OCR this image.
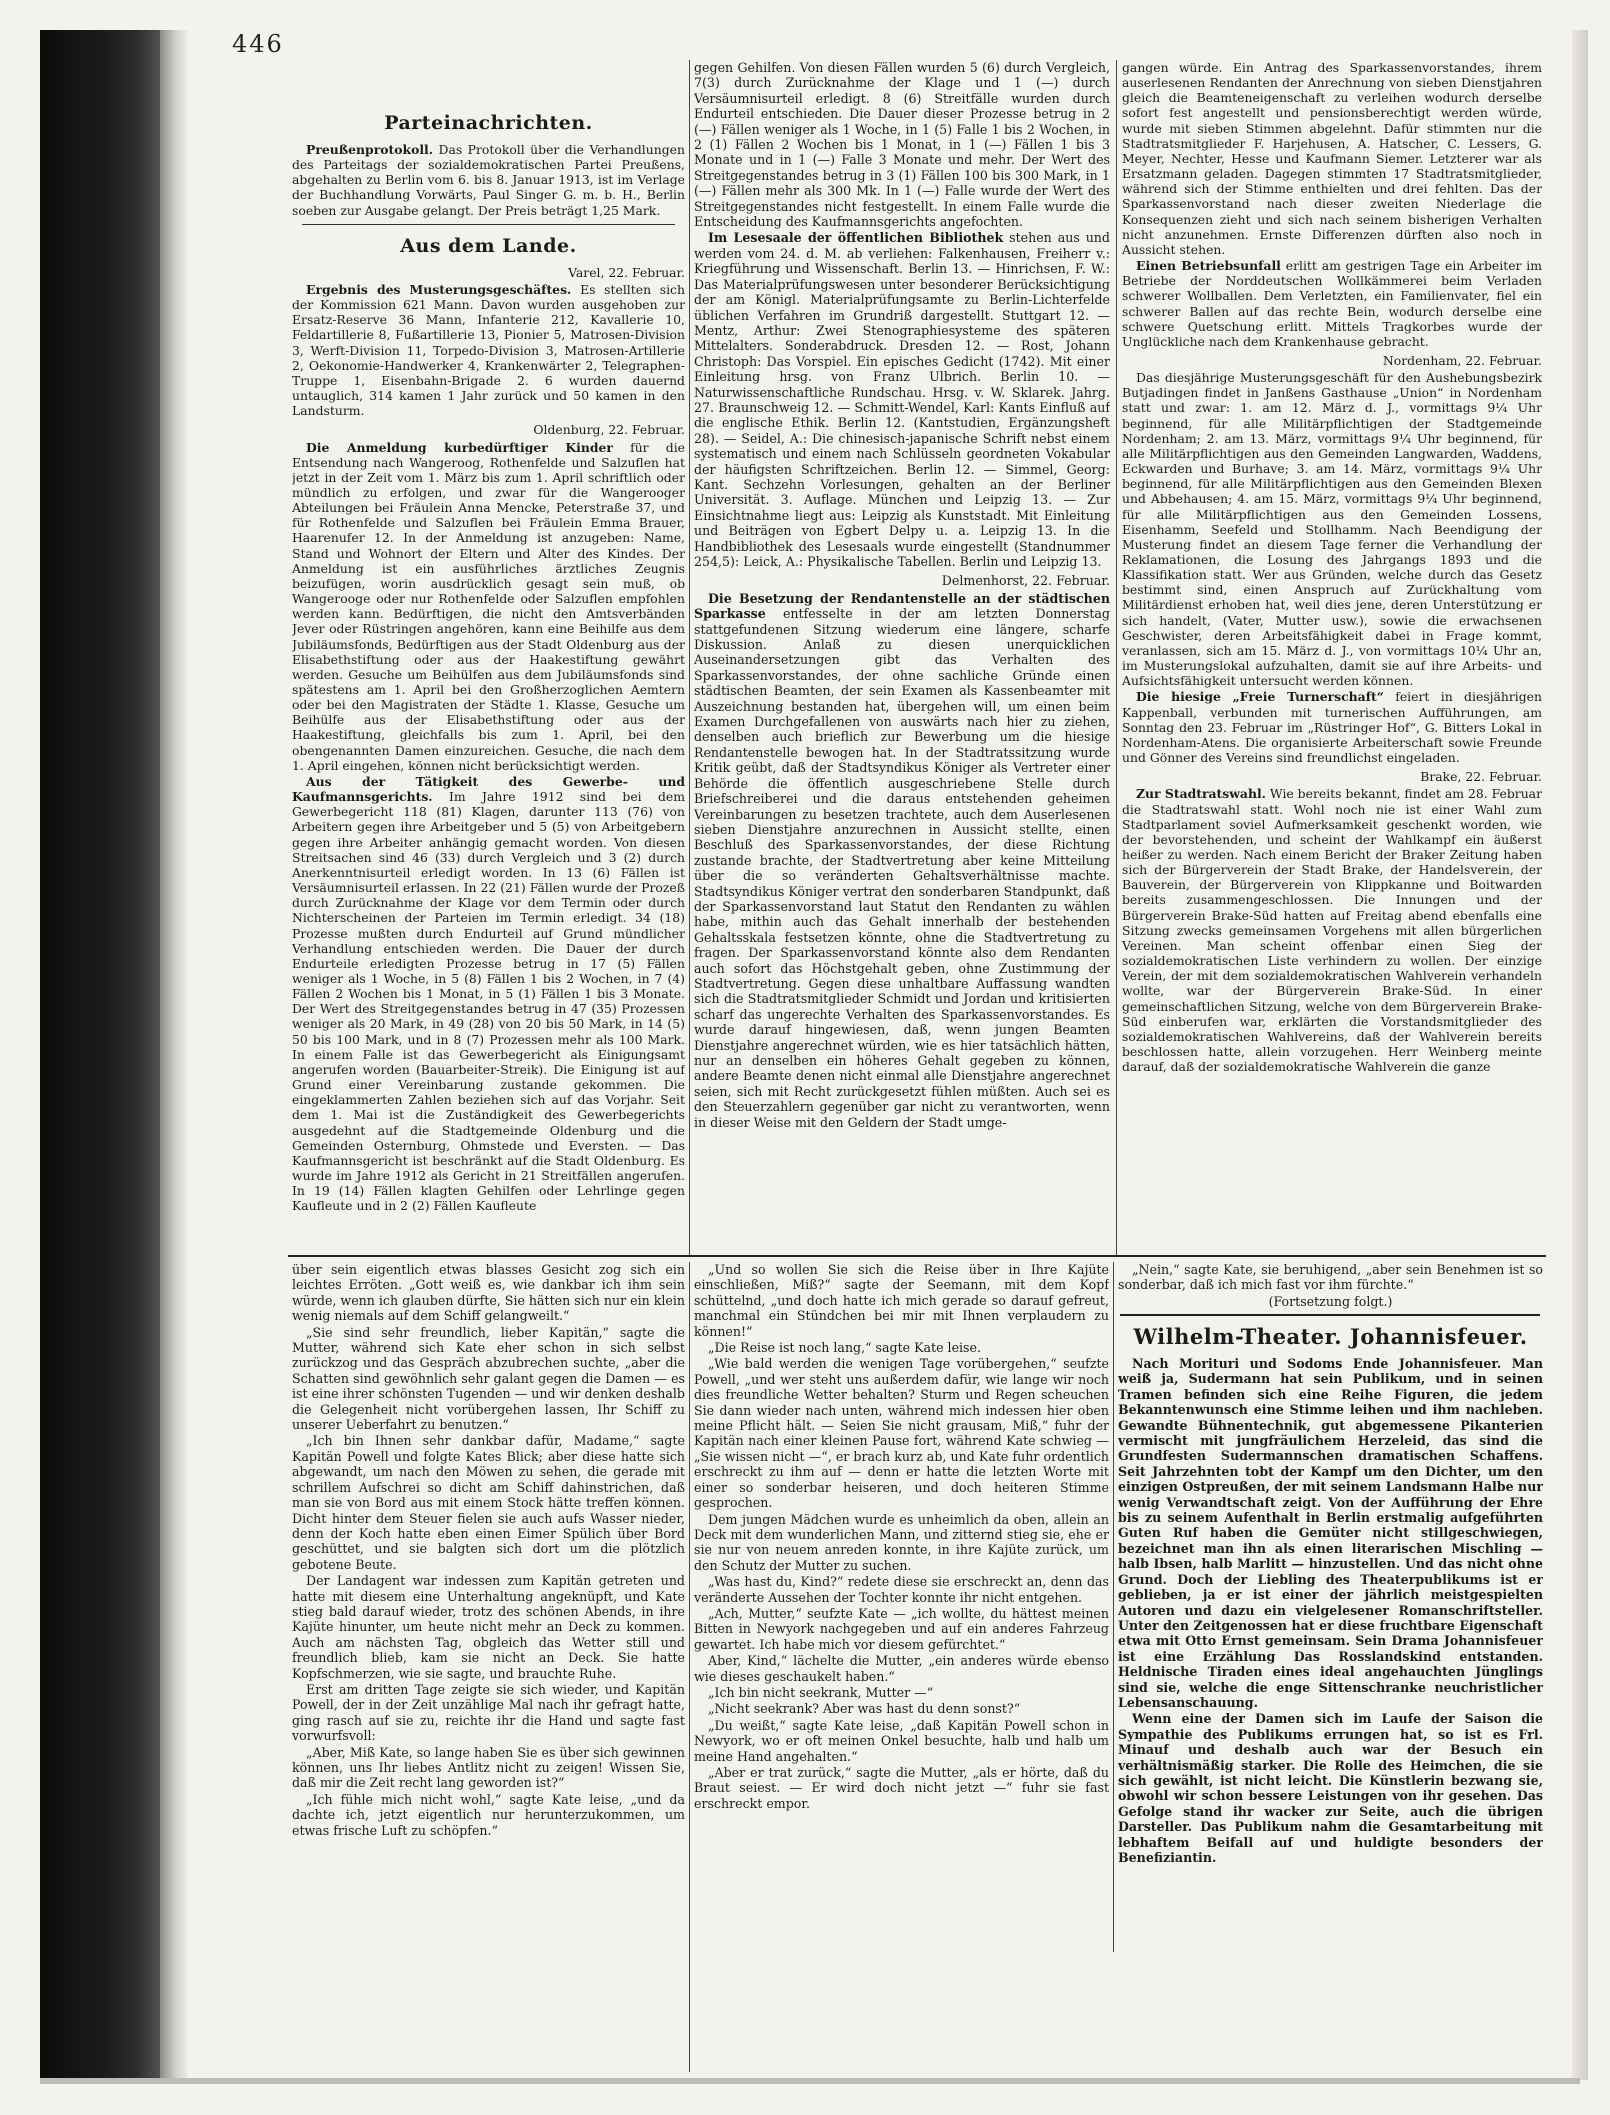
446
Parteinachrichten.

Preußenprotokoll. Das Protokoll über die Verhandlungen des Parteitags der sozialdemokratischen Partei Preußens, abgehalten zu Berlin vom 6. bis 8. Januar 1913, ist im Verlage der Buchhandlung Vorwärts, Paul Singer G. m. b. H., Berlin soeben zur Ausgabe gelangt. Der Preis beträgt 1,25 Mark.

Aus dem Lande.
Varel, 22. Februar.

Ergebnis des Musterungsgeschäftes. Es stellten sich der Kommission 621 Mann. Davon wurden ausgehoben zur Ersatz-Reserve 36 Mann, Infanterie 212, Kavallerie 10, Feldartillerie 8, Fußartillerie 13, Pionier 5, Matrosen-Division 3, Werft-Division 11, Torpedo-Division 3, Matrosen-Artillerie 2, Oekonomie-Handwerker 4, Krankenwärter 2, Telegraphen-Truppe 1, Eisenbahn-Brigade 2. 6 wurden dauernd untauglich, 314 kamen 1 Jahr zurück und 50 kamen in den Landsturm.

Oldenburg, 22. Februar.

Die Anmeldung kurbedürftiger Kinder für die Entsendung nach Wangeroog, Rothenfelde und Salzuflen hat jetzt in der Zeit vom 1. März bis zum 1. April schriftlich oder mündlich zu erfolgen, und zwar für die Wangerooger Abteilungen bei Fräulein Anna Mencke, Peterstraße 37, und für Rothenfelde und Salzuflen bei Fräulein Emma Brauer, Haarenufer 12. In der Anmeldung ist anzugeben: Name, Stand und Wohnort der Eltern und Alter des Kindes. Der Anmeldung ist ein ausführliches ärztliches Zeugnis beizufügen, worin ausdrücklich gesagt sein muß, ob Wangerooge oder nur Rothenfelde oder Salzuflen empfohlen werden kann. Bedürftigen, die nicht den Amtsverbänden Jever oder Rüstringen angehören, kann eine Beihilfe aus dem Jubiläumsfonds, Bedürftigen aus der Stadt Oldenburg aus der Elisabethstiftung oder aus der Haakestiftung gewährt werden. Gesuche um Beihülfen aus dem Jubiläumsfonds sind spätestens am 1. April bei den Großherzoglichen Aemtern oder bei den Magistraten der Städte 1. Klasse, Gesuche um Beihülfe aus der Elisabethstiftung oder aus der Haakestiftung, gleichfalls bis zum 1. April, bei den obengenannten Damen einzureichen. Gesuche, die nach dem 1. April eingehen, können nicht berücksichtigt werden.

Aus der Tätigkeit des Gewerbe- und Kaufmannsgerichts. Im Jahre 1912 sind bei dem Gewerbegericht 118 (81) Klagen, darunter 113 (76) von Arbeitern gegen ihre Arbeitgeber und 5 (5) von Arbeitgebern gegen ihre Arbeiter anhängig gemacht worden. Von diesen Streitsachen sind 46 (33) durch Vergleich und 3 (2) durch Anerkenntnisurteil erledigt worden. In 13 (6) Fällen ist Versäumnisurteil erlassen. In 22 (21) Fällen wurde der Prozeß durch Zurücknahme der Klage vor dem Termin oder durch Nichterscheinen der Parteien im Termin erledigt. 34 (18) Prozesse mußten durch Endurteil auf Grund mündlicher Verhandlung entschieden werden. Die Dauer der durch Endurteile erledigten Prozesse betrug in 17 (5) Fällen weniger als 1 Woche, in 5 (8) Fällen 1 bis 2 Wochen, in 7 (4) Fällen 2 Wochen bis 1 Monat, in 5 (1) Fällen 1 bis 3 Monate. Der Wert des Streitgegenstandes betrug in 47 (35) Prozessen weniger als 20 Mark, in 49 (28) von 20 bis 50 Mark, in 14 (5) 50 bis 100 Mark, und in 8 (7) Prozessen mehr als 100 Mark. In einem Falle ist das Gewerbegericht als Einigungsamt angerufen worden (Bauarbeiter-Streik). Die Einigung ist auf Grund einer Vereinbarung zustande gekommen. Die eingeklammerten Zahlen beziehen sich auf das Vorjahr. Seit dem 1. Mai ist die Zuständigkeit des Gewerbegerichts ausgedehnt auf die Stadtgemeinde Oldenburg und die Gemeinden Osternburg, Ohmstede und Eversten. — Das Kaufmannsgericht ist beschränkt auf die Stadt Oldenburg. Es wurde im Jahre 1912 als Gericht in 21 Streitfällen angerufen. In 19 (14) Fällen klagten Gehilfen oder Lehrlinge gegen Kaufleute und in 2 (2) Fällen Kaufleute

gegen Gehilfen. Von diesen Fällen wurden 5 (6) durch Vergleich, 7(3) durch Zurücknahme der Klage und 1 (—) durch Versäumnisurteil erledigt. 8 (6) Streitfälle wurden durch Endurteil entschieden. Die Dauer dieser Prozesse betrug in 2 (—) Fällen weniger als 1 Woche, in 1 (5) Falle 1 bis 2 Wochen, in 2 (1) Fällen 2 Wochen bis 1 Monat, in 1 (—) Fällen 1 bis 3 Monate und in 1 (—) Falle 3 Monate und mehr. Der Wert des Streitgegenstandes betrug in 3 (1) Fällen 100 bis 300 Mark, in 1 (—) Fällen mehr als 300 Mk. In 1 (—) Falle wurde der Wert des Streitgegenstandes nicht festgestellt. In einem Falle wurde die Entscheidung des Kaufmannsgerichts angefochten.

Im Lesesaale der öffentlichen Bibliothek stehen aus und werden vom 24. d. M. ab verliehen: Falkenhausen, Freiherr v.: Kriegführung und Wissenschaft. Berlin 13. — Hinrichsen, F. W.: Das Materialprüfungswesen unter besonderer Berücksichtigung der am Königl. Materialprüfungsamte zu Berlin-Lichterfelde üblichen Verfahren im Grundriß dargestellt. Stuttgart 12. — Mentz, Arthur: Zwei Stenographiesysteme des späteren Mittelalters. Sonderabdruck. Dresden 12. — Rost, Johann Christoph: Das Vorspiel. Ein episches Gedicht (1742). Mit einer Einleitung hrsg. von Franz Ulbrich. Berlin 10. — Naturwissenschaftliche Rundschau. Hrsg. v. W. Sklarek. Jahrg. 27. Braunschweig 12. — Schmitt-Wendel, Karl: Kants Einfluß auf die englische Ethik. Berlin 12. (Kantstudien, Ergänzungsheft 28). — Seidel, A.: Die chinesisch-japanische Schrift nebst einem systematisch und einem nach Schlüsseln geordneten Vokabular der häufigsten Schriftzeichen. Berlin 12. — Simmel, Georg: Kant. Sechzehn Vorlesungen, gehalten an der Berliner Universität. 3. Auflage. München und Leipzig 13. — Zur Einsichtnahme liegt aus: Leipzig als Kunststadt. Mit Einleitung und Beiträgen von Egbert Delpy u. a. Leipzig 13. In die Handbibliothek des Lesesaals wurde eingestellt (Standnummer 254,5): Leick, A.: Physikalische Tabellen. Berlin und Leipzig 13.

Delmenhorst, 22. Februar.

Die Besetzung der Rendantenstelle an der städtischen Sparkasse entfesselte in der am letzten Donnerstag stattgefundenen Sitzung wiederum eine längere, scharfe Diskussion. Anlaß zu diesen unerquicklichen Auseinandersetzungen gibt das Verhalten des Sparkassenvorstandes, der ohne sachliche Gründe einen städtischen Beamten, der sein Examen als Kassenbeamter mit Auszeichnung bestanden hat, übergehen will, um einen beim Examen Durchgefallenen von auswärts nach hier zu ziehen, denselben auch brieflich zur Bewerbung um die hiesige Rendantenstelle bewogen hat. In der Stadtratssitzung wurde Kritik geübt, daß der Stadtsyndikus Königer als Vertreter einer Behörde die öffentlich ausgeschriebene Stelle durch Briefschreiberei und die daraus entstehenden geheimen Vereinbarungen zu besetzen trachtete, auch dem Auserlesenen sieben Dienstjahre anzurechnen in Aussicht stellte, einen Beschluß des Sparkassenvorstandes, der diese Richtung zustande brachte, der Stadtvertretung aber keine Mitteilung über die so veränderten Gehaltsverhältnisse machte. Stadtsyndikus Königer vertrat den sonderbaren Standpunkt, daß der Sparkassenvorstand laut Statut den Rendanten zu wählen habe, mithin auch das Gehalt innerhalb der bestehenden Gehaltsskala festsetzen könnte, ohne die Stadtvertretung zu fragen. Der Sparkassenvorstand könnte also dem Rendanten auch sofort das Höchstgehalt geben, ohne Zustimmung der Stadtvertretung. Gegen diese unhaltbare Auffassung wandten sich die Stadtratsmitglieder Schmidt und Jordan und kritisierten scharf das ungerechte Verhalten des Sparkassenvorstandes. Es wurde darauf hingewiesen, daß, wenn jungen Beamten Dienstjahre angerechnet würden, wie es hier tatsächlich hätten, nur an denselben ein höheres Gehalt gegeben zu können, andere Beamte denen nicht einmal alle Dienstjahre angerechnet seien, sich mit Recht zurückgesetzt fühlen müßten. Auch sei es den Steuerzahlern gegenüber gar nicht zu verantworten, wenn in dieser Weise mit den Geldern der Stadt umge-

gangen würde. Ein Antrag des Sparkassenvorstandes, ihrem auserlesenen Rendanten der Anrechnung von sieben Dienstjahren gleich die Beamteneigenschaft zu verleihen wodurch derselbe sofort fest angestellt und pensionsberechtigt werden würde, wurde mit sieben Stimmen abgelehnt. Dafür stimmten nur die Stadtratsmitglieder F. Harjehusen, A. Hatscher, C. Lessers, G. Meyer, Nechter, Hesse und Kaufmann Siemer. Letzterer war als Ersatzmann geladen. Dagegen stimmten 17 Stadtratsmitglieder, während sich der Stimme enthielten und drei fehlten. Das der Sparkassenvorstand nach dieser zweiten Niederlage die Konsequenzen zieht und sich nach seinem bisherigen Verhalten nicht anzunehmen. Ernste Differenzen dürften also noch in Aussicht stehen.

Einen Betriebsunfall erlitt am gestrigen Tage ein Arbeiter im Betriebe der Norddeutschen Wollkämmerei beim Verladen schwerer Wollballen. Dem Verletzten, ein Familienvater, fiel ein schwerer Ballen auf das rechte Bein, wodurch derselbe eine schwere Quetschung erlitt. Mittels Tragkorbes wurde der Unglückliche nach dem Krankenhause gebracht.

Nordenham, 22. Februar.

Das diesjährige Musterungsgeschäft für den Aushebungsbezirk Butjadingen findet in Janßens Gasthause „Union“ in Nordenham statt und zwar: 1. am 12. März d. J., vormittags 9¼ Uhr beginnend, für alle Militärpflichtigen der Stadtgemeinde Nordenham; 2. am 13. März, vormittags 9¼ Uhr beginnend, für alle Militärpflichtigen aus den Gemeinden Langwarden, Waddens, Eckwarden und Burhave; 3. am 14. März, vormittags 9¼ Uhr beginnend, für alle Militärpflichtigen aus den Gemeinden Blexen und Abbehausen; 4. am 15. März, vormittags 9¼ Uhr beginnend, für alle Militärpflichtigen aus den Gemeinden Lossens, Eisenhamm, Seefeld und Stollhamm. Nach Beendigung der Musterung findet an diesem Tage ferner die Verhandlung der Reklamationen, die Losung des Jahrgangs 1893 und die Klassifikation statt. Wer aus Gründen, welche durch das Gesetz bestimmt sind, einen Anspruch auf Zurückhaltung vom Militärdienst erhoben hat, weil dies jene, deren Unterstützung er sich handelt, (Vater, Mutter usw.), sowie die erwachsenen Geschwister, deren Arbeitsfähigkeit dabei in Frage kommt, veranlassen, sich am 15. März d. J., von vormittags 10¼ Uhr an, im Musterungslokal aufzuhalten, damit sie auf ihre Arbeits- und Aufsichtsfähigkeit untersucht werden können.

Die hiesige „Freie Turnerschaft“ feiert in diesjährigen Kappenball, verbunden mit turnerischen Aufführungen, am Sonntag den 23. Februar im „Rüstringer Hof“, G. Bitters Lokal in Nordenham-Atens. Die organisierte Arbeiterschaft sowie Freunde und Gönner des Vereins sind freundlichst eingeladen.

Brake, 22. Februar.

Zur Stadtratswahl. Wie bereits bekannt, findet am 28. Februar die Stadtratswahl statt. Wohl noch nie ist einer Wahl zum Stadtparlament soviel Aufmerksamkeit geschenkt worden, wie der bevorstehenden, und scheint der Wahlkampf ein äußerst heißer zu werden. Nach einem Bericht der Braker Zeitung haben sich der Bürgerverein der Stadt Brake, der Handelsverein, der Bauverein, der Bürgerverein von Klippkanne und Boitwarden bereits zusammengeschlossen. Die Innungen und der Bürgerverein Brake-Süd hatten auf Freitag abend ebenfalls eine Sitzung zwecks gemeinsamen Vorgehens mit allen bürgerlichen Vereinen. Man scheint offenbar einen Sieg der sozialdemokratischen Liste verhindern zu wollen. Der einzige Verein, der mit dem sozialdemokratischen Wahlverein verhandeln wollte, war der Bürgerverein Brake-Süd. In einer gemeinschaftlichen Sitzung, welche von dem Bürgerverein Brake-Süd einberufen war, erklärten die Vorstandsmitglieder des sozialdemokratischen Wahlvereins, daß der Wahlverein bereits beschlossen hatte, allein vorzugehen. Herr Weinberg meinte darauf, daß der sozialdemokratische Wahlverein die ganze

über sein eigentlich etwas blasses Gesicht zog sich ein leichtes Erröten. „Gott weiß es, wie dankbar ich ihm sein würde, wenn ich glauben dürfte, Sie hätten sich nur ein klein wenig niemals auf dem Schiff gelangweilt.“

„Sie sind sehr freundlich, lieber Kapitän,“ sagte die Mutter, während sich Kate eher schon in sich selbst zurückzog und das Gespräch abzubrechen suchte, „aber die Schatten sind gewöhnlich sehr galant gegen die Damen — es ist eine ihrer schönsten Tugenden — und wir denken deshalb die Gelegenheit nicht vorübergehen lassen, Ihr Schiff zu unserer Ueberfahrt zu benutzen.“

„Ich bin Ihnen sehr dankbar dafür, Madame,“ sagte Kapitän Powell und folgte Kates Blick; aber diese hatte sich abgewandt, um nach den Möwen zu sehen, die gerade mit schrillem Aufschrei so dicht am Schiff dahinstrichen, daß man sie von Bord aus mit einem Stock hätte treffen können. Dicht hinter dem Steuer fielen sie auch aufs Wasser nieder, denn der Koch hatte eben einen Eimer Spülich über Bord geschüttet, und sie balgten sich dort um die plötzlich gebotene Beute.

Der Landagent war indessen zum Kapitän getreten und hatte mit diesem eine Unterhaltung angeknüpft, und Kate stieg bald darauf wieder, trotz des schönen Abends, in ihre Kajüte hinunter, um heute nicht mehr an Deck zu kommen. Auch am nächsten Tag, obgleich das Wetter still und freundlich blieb, kam sie nicht an Deck. Sie hatte Kopfschmerzen, wie sie sagte, und brauchte Ruhe.

Erst am dritten Tage zeigte sie sich wieder, und Kapitän Powell, der in der Zeit unzählige Mal nach ihr gefragt hatte, ging rasch auf sie zu, reichte ihr die Hand und sagte fast vorwurfsvoll:

„Aber, Miß Kate, so lange haben Sie es über sich gewinnen können, uns Ihr liebes Antlitz nicht zu zeigen! Wissen Sie, daß mir die Zeit recht lang geworden ist?“

„Ich fühle mich nicht wohl,“ sagte Kate leise, „und da dachte ich, jetzt eigentlich nur herunterzukommen, um etwas frische Luft zu schöpfen.“

„Und so wollen Sie sich die Reise über in Ihre Kajüte einschließen, Miß?“ sagte der Seemann, mit dem Kopf schüttelnd, „und doch hatte ich mich gerade so darauf gefreut, manchmal ein Stündchen bei mir mit Ihnen verplaudern zu können!“

„Die Reise ist noch lang,“ sagte Kate leise.

„Wie bald werden die wenigen Tage vorübergehen,“ seufzte Powell, „und wer steht uns außerdem dafür, wie lange wir noch dies freundliche Wetter behalten? Sturm und Regen scheuchen Sie dann wieder nach unten, während mich indessen hier oben meine Pflicht hält. — Seien Sie nicht grausam, Miß,“ fuhr der Kapitän nach einer kleinen Pause fort, während Kate schwieg — „Sie wissen nicht —“, er brach kurz ab, und Kate fuhr ordentlich erschreckt zu ihm auf — denn er hatte die letzten Worte mit einer so sonderbar heiseren, und doch heiteren Stimme gesprochen.

Dem jungen Mädchen wurde es unheimlich da oben, allein an Deck mit dem wunderlichen Mann, und zitternd stieg sie, ehe er sie nur von neuem anreden konnte, in ihre Kajüte zurück, um den Schutz der Mutter zu suchen.

„Was hast du, Kind?“ redete diese sie erschreckt an, denn das veränderte Aussehen der Tochter konnte ihr nicht entgehen.

„Ach, Mutter,“ seufzte Kate — „ich wollte, du hättest meinen Bitten in Newyork nachgegeben und auf ein anderes Fahrzeug gewartet. Ich habe mich vor diesem gefürchtet.“

Aber, Kind,“ lächelte die Mutter, „ein anderes würde ebenso wie dieses geschaukelt haben.“

„Ich bin nicht seekrank, Mutter —“

„Nicht seekrank? Aber was hast du denn sonst?“

„Du weißt,“ sagte Kate leise, „daß Kapitän Powell schon in Newyork, wo er oft meinen Onkel besuchte, halb und halb um meine Hand angehalten.“

„Aber er trat zurück,“ sagte die Mutter, „als er hörte, daß du Braut seiest. — Er wird doch nicht jetzt —“ fuhr sie fast erschreckt empor.

„Nein,“ sagte Kate, sie beruhigend, „aber sein Benehmen ist so sonderbar, daß ich mich fast vor ihm fürchte.“

(Fortsetzung folgt.)

Wilhelm-Theater. Johannisfeuer.

Nach Morituri und Sodoms Ende Johannisfeuer. Man weiß ja, Sudermann hat sein Publikum, und in seinen Tramen befinden sich eine Reihe Figuren, die jedem Bekanntenwunsch eine Stimme leihen und ihm nachleben. Gewandte Bühnentechnik, gut abgemessene Pikanterien vermischt mit jungfräulichem Herzeleid, das sind die Grundfesten Sudermannschen dramatischen Schaffens. Seit Jahrzehnten tobt der Kampf um den Dichter, um den einzigen Ostpreußen, der mit seinem Landsmann Halbe nur wenig Verwandtschaft zeigt. Von der Aufführung der Ehre bis zu seinem Aufenthalt in Berlin erstmalig aufgeführten Guten Ruf haben die Gemüter nicht stillgeschwiegen, bezeichnet man ihn als einen literarischen Mischling — halb Ibsen, halb Marlitt — hinzustellen. Und das nicht ohne Grund. Doch der Liebling des Theaterpublikums ist er geblieben, ja er ist einer der jährlich meistgespielten Autoren und dazu ein vielgelesener Romanschriftsteller. Unter den Zeitgenossen hat er diese fruchtbare Eigenschaft etwa mit Otto Ernst gemeinsam. Sein Drama Johannisfeuer ist eine Erzählung Das Rosslandskind entstanden. Heldnische Tiraden eines ideal angehauchten Jünglings sind sie, welche die enge Sittenschranke neuchristlicher Lebensanschauung.

Wenn eine der Damen sich im Laufe der Saison die Sympathie des Publikums errungen hat, so ist es Frl. Minauf und deshalb auch war der Besuch ein verhältnismäßig starker. Die Rolle des Heimchen, die sie sich gewählt, ist nicht leicht. Die Künstlerin bezwang sie, obwohl wir schon bessere Leistungen von ihr gesehen. Das Gefolge stand ihr wacker zur Seite, auch die übrigen Darsteller. Das Publikum nahm die Gesamtarbeitung mit lebhaftem Beifall auf und huldigte besonders der Benefiziantin.
